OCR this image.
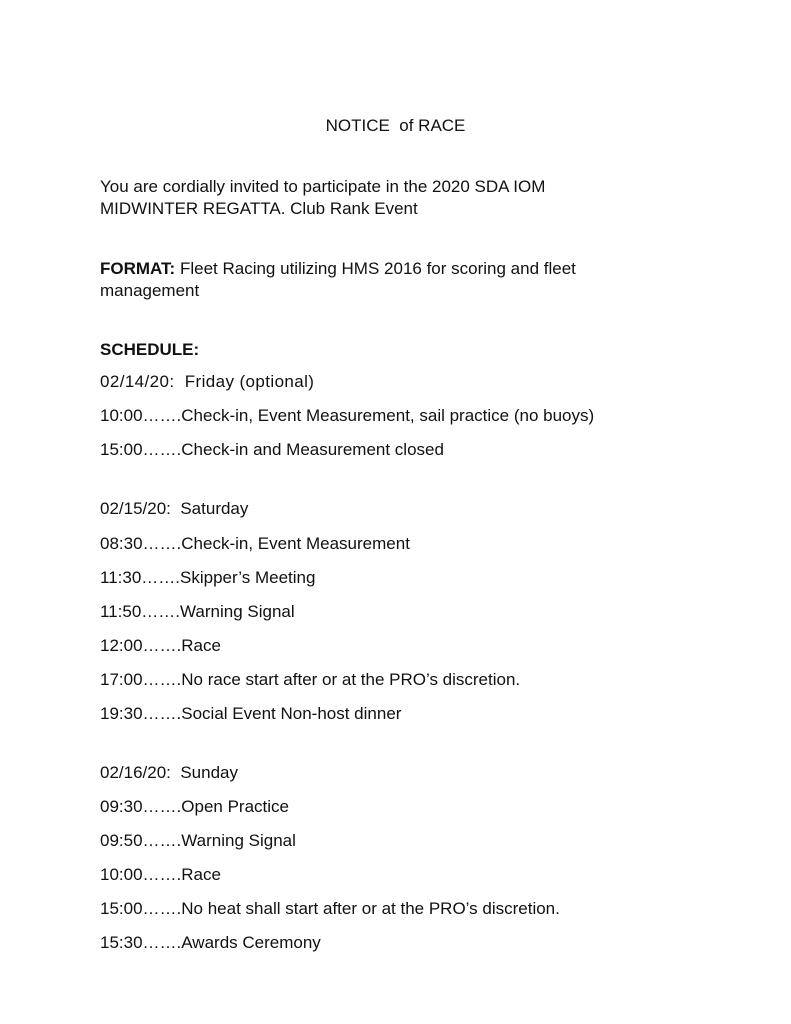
NOTICE  of RACE
You are cordially invited to participate in the 2020 SDA IOM
MIDWINTER REGATTA. Club Rank Event
FORMAT: Fleet Racing utilizing HMS 2016 for scoring and fleet
management
SCHEDULE:
02/14/20:  Friday (optional)
10:00…….Check-in, Event Measurement, sail practice (no buoys)
15:00…….Check-in and Measurement closed
02/15/20:  Saturday
08:30…….Check-in, Event Measurement
11:30…….Skipper’s Meeting
11:50…….Warning Signal
12:00…….Race
17:00…….No race start after or at the PRO’s discretion.
19:30…….Social Event Non-host dinner
02/16/20:  Sunday
09:30…….Open Practice
09:50…….Warning Signal
10:00…….Race
15:00…….No heat shall start after or at the PRO’s discretion.
15:30…….Awards Ceremony
